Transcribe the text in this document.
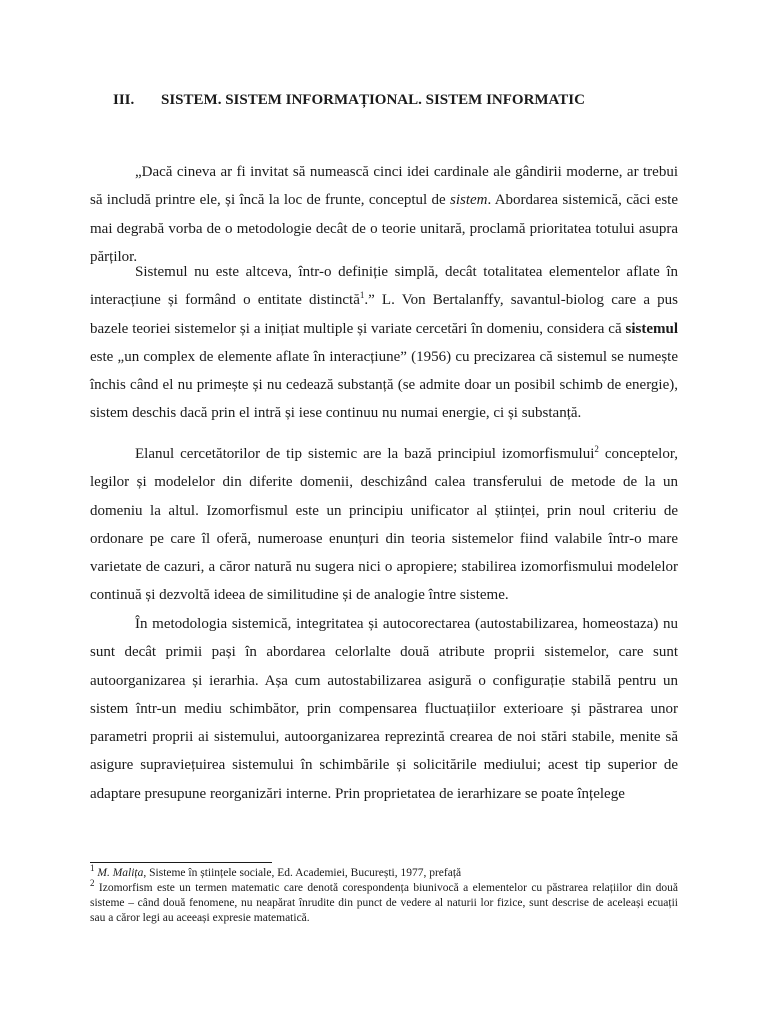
III. SISTEM. SISTEM INFORMAȚIONAL. SISTEM INFORMATIC

„Dacă cineva ar fi invitat să numească cinci idei cardinale ale gândirii moderne, ar trebui să includă printre ele, și încă la loc de frunte, conceptul de sistem. Abordarea sistemică, căci este mai degrabă vorba de o metodologie decât de o teorie unitară, proclamă prioritatea totului asupra părților.

Sistemul nu este altceva, într-o definiție simplă, decât totalitatea elementelor aflate în interacțiune și formând o entitate distinctă$^1$.” L. Von Bertalanffy, savantul-biolog care a pus bazele teoriei sistemelor și a inițiat multiple și variate cercetări în domeniu, considera că sistemul este „un complex de elemente aflate în interacțiune” (1956) cu precizarea că sistemul se numește închis când el nu primește și nu cedează substanță (se admite doar un posibil schimb de energie), sistem deschis dacă prin el intră și iese continuu nu numai energie, ci și substanță.

Elanul cercetătorilor de tip sistemic are la bază principiul izomorfismului$^2$ conceptelor, legilor și modelelor din diferite domenii, deschizând calea transferului de metode de la un domeniu la altul. Izomorfismul este un principiu unificator al științei, prin noul criteriu de ordonare pe care îl oferă, numeroase enunțuri din teoria sistemelor fiind valabile într-o mare varietate de cazuri, a căror natură nu sugera nici o apropiere; stabilirea izomorfismului modelelor continuă și dezvoltă ideea de similitudine și de analogie între sisteme.

În metodologia sistemică, integritatea și autocorectarea (autostabilizarea, homeostaza) nu sunt decât primii pași în abordarea celorlalte două atribute proprii sistemelor, care sunt autoorganizarea și ierarhia. Așa cum autostabilizarea asigură o configurație stabilă pentru un sistem într-un mediu schimbător, prin compensarea fluctuațiilor exterioare și păstrarea unor parametri proprii ai sistemului, autoorganizarea reprezintă crearea de noi stări stabile, menite să asigure supraviețuirea sistemului în schimbările și solicitările mediului; acest tip superior de adaptare presupune reorganizări interne. Prin proprietatea de ierarhizare se poate înțelege

$^1$ M. Malița, Sisteme în științele sociale, Ed. Academiei, București, 1977, prefață

$^2$ Izomorfism este un termen matematic care denotă corespondența biunivocă a elementelor cu păstrarea relațiilor din două sisteme – când două fenomene, nu neapărat înrudite din punct de vedere al naturii lor fizice, sunt descrise de aceleași ecuații sau a căror legi au aceeași expresie matematică.
